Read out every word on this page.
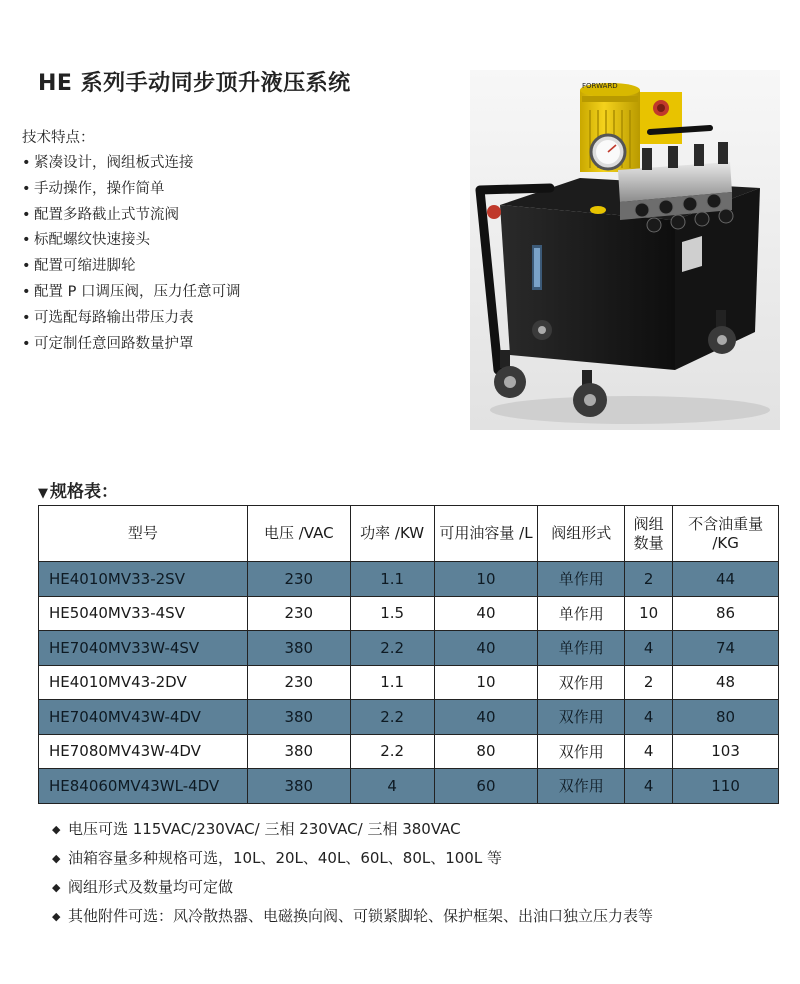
HE 系列手动同步顶升液压系统
技术特点：
• 紧凑设计，阀组板式连接
• 手动操作，操作简单
• 配置多路截止式节流阀
• 标配螺纹快速接头
• 配置可缩进脚轮
• 配置 P 口调压阀，压力任意可调
• 可选配每路输出带压力表
• 可定制任意回路数量护罩
FORWARD
▼ 规格表：
型号	电压 /VAC	功率 /KW	可用油容量 /L	阀组形式	阀组数量	不含油重量 /KG
HE4010MV33-2SV	230	1.1	10	单作用	2	44
HE5040MV33-4SV	230	1.5	40	单作用	10	86
HE7040MV33W-4SV	380	2.2	40	单作用	4	74
HE4010MV43-2DV	230	1.1	10	双作用	2	48
HE7040MV43W-4DV	380	2.2	40	双作用	4	80
HE7080MV43W-4DV	380	2.2	80	双作用	4	103
HE84060MV43WL-4DV	380	4	60	双作用	4	110
◆ 电压可选 115VAC/230VAC/ 三相 230VAC/ 三相 380VAC
◆ 油箱容量多种规格可选，10L、20L、40L、60L、80L、100L 等
◆ 阀组形式及数量均可定做
◆ 其他附件可选：风冷散热器、电磁换向阀、可锁紧脚轮、保护框架、出油口独立压力表等
